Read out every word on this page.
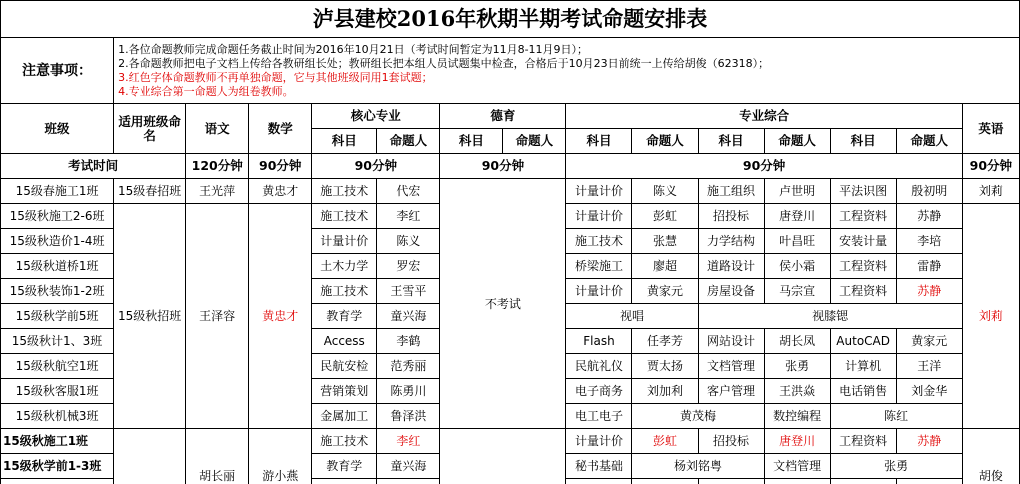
泸县建校2016年秋期半期考试命题安排表														
注意事项：	1.各位命题教师完成命题任务截止时间为2016年10月21日（考试时间暂定为11月8-11月9日）；
2.各命题教师把电子文档上传给各教研组长处；教研组长把本组人员试题集中检查，合格后于10月23日前统一上传给胡俊（62318）；
3.红色字体命题教师不再单独命题，它与其他班级同用1套试题；
4.专业综合第一命题人为组卷教师。													

班级	适用班级命名	语文	数学	核心专业		德育		专业综合						英语
				科目	命题人	科目	命题人	科目	命题人	科目	命题人	科目	命题人	
考试时间		120分钟	90分钟	90分钟		90分钟		90分钟						90分钟
15级春施工1班	15级春招班	王光萍	黄忠才	施工技术	代宏	不考试		计量计价	陈义	施工组织	卢世明	平法识图	殷初明	刘莉
15级秋施工2-6班	15级秋招班	王泽容	黄忠才	施工技术	李红			计量计价	彭虹	招投标	唐登川	工程资料	苏静	刘莉
15级秋造价1-4班				计量计价	陈义			施工技术	张慧	力学结构	叶昌旺	安装计量	李培	
15级秋道桥1班				土木力学	罗宏			桥梁施工	廖超	道路设计	侯小霜	工程资料	雷静	
15级秋装饰1-2班				施工技术	王雪平			计量计价	黄家元	房屋设备	马宗宣	工程资料	苏静	
15级秋学前5班				教育学	童兴海			视唱		视膝锶				
15级秋计1、3班				Access	李鹤			Flash	任孝芳	网站设计	胡长凤	AutoCAD	黄家元	
15级秋航空1班				民航安检	范秀丽			民航礼仪	贾太扬	文档管理	张勇	计算机	王洋	
15级秋客服1班				营销策划	陈勇川			电子商务	刘加利	客户管理	王洪焱	电话销售	刘金华	
15级秋机械3班				金属加工	鲁泽洪			电工电子	黄茂梅		数控编程	陈红		
15级秋施工1班		胡长丽	游小燕	施工技术	李红			计量计价	彭虹	招投标	唐登川	工程资料	苏静	胡俊
15级秋学前1-3班				教育学	童兴海			秘书基础	杨刘铭粤		文档管理	张勇		
